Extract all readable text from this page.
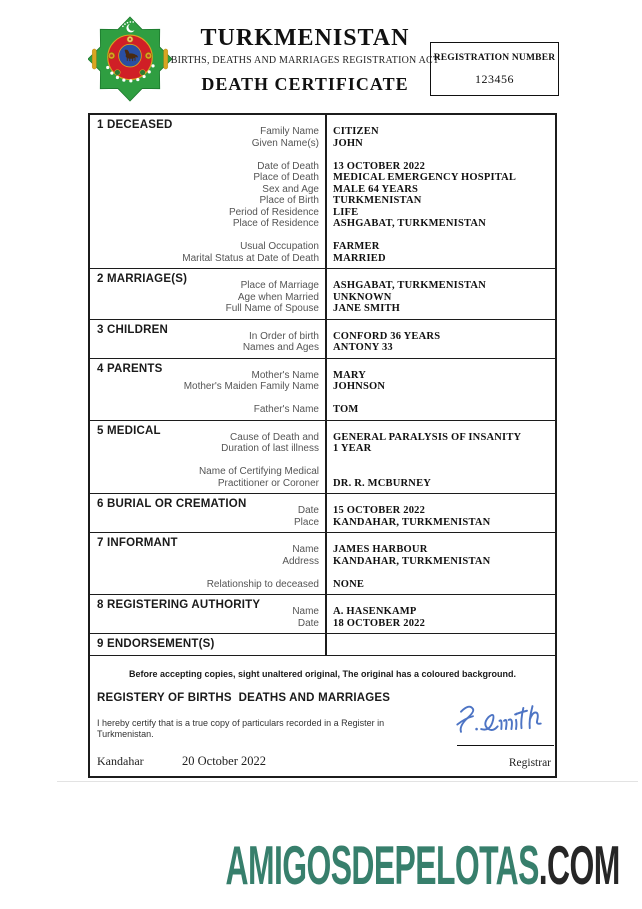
TURKMENISTAN
BIRTHS, DEATHS AND MARRIAGES REGISTRATION ACT
DEATH CERTIFICATE
REGISTRATION NUMBER
123456
1 DECEASED
Family Name	CITIZEN
Given Name(s)	JOHN
Date of Death	13 OCTOBER 2022
Place of Death	MEDICAL EMERGENCY HOSPITAL
Sex and Age	MALE 64 YEARS
Place of Birth	TURKMENISTAN
Period of Residence	LIFE
Place of Residence	ASHGABAT, TURKMENISTAN
Usual Occupation	FARMER
Marital Status at Date of Death	MARRIED
2 MARRIAGE(S)
Place of Marriage	ASHGABAT, TURKMENISTAN
Age when Married	UNKNOWN
Full Name of Spouse	JANE SMITH
3 CHILDREN
In Order of birth	CONFORD 36 YEARS
Names and Ages	ANTONY 33
4 PARENTS
Mother's Name	MARY
Mother's Maiden Family Name	JOHNSON
Father's Name	TOM
5 MEDICAL
Cause of Death and	GENERAL PARALYSIS OF INSANITY
Duration of last illness	1 YEAR
Name of Certifying Medical
Practitioner or Coroner	DR. R. MCBURNEY
6 BURIAL OR CREMATION
Date	15 OCTOBER 2022
Place	KANDAHAR, TURKMENISTAN
7 INFORMANT
Name	JAMES HARBOUR
Address	KANDAHAR, TURKMENISTAN
Relationship to deceased	NONE
8 REGISTERING AUTHORITY
Name	A. HASENKAMP
Date	18 OCTOBER 2022
9 ENDORSEMENT(S)
Before accepting copies, sight unaltered original, The original has a coloured background.
REGISTERY OF BIRTHS  DEATHS AND MARRIAGES
I hereby certify that is a true copy of particulars recorded in a Register in Turkmenistan.
Kandahar	20 October 2022	Registrar
AMIGOSDEPELOTAS.COM
